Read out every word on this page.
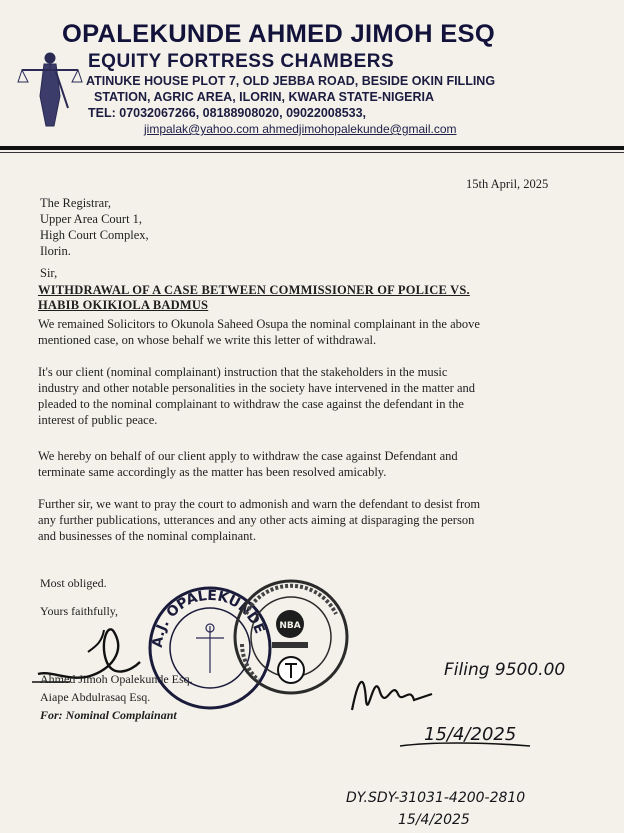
OPALEKUNDE AHMED JIMOH ESQ
EQUITY FORTRESS CHAMBERS
ATINUKE HOUSE PLOT 7, OLD JEBBA ROAD, BESIDE OKIN FILLING
STATION, AGRIC AREA, ILORIN, KWARA STATE-NIGERIA
TEL: 07032067266, 08188908020, 09022008533,
jimpalak@yahoo.com ahmedjimohopalekunde@gmail.com
15th April, 2025
The Registrar,
Upper Area Court 1,
High Court Complex,
Ilorin.
Sir,
WITHDRAWAL OF A CASE BETWEEN COMMISSIONER OF POLICE VS.
HABIB OKIKIOLA BADMUS
We remained Solicitors to Okunola Saheed Osupa the nominal complainant in the above
mentioned case, on whose behalf we write this letter of withdrawal.
It's our client (nominal complainant) instruction that the stakeholders in the music
industry and other notable personalities in the society have intervened in the matter and
pleaded to the nominal complainant to withdraw the case against the defendant in the
interest of public peace.
We hereby on behalf of our client apply to withdraw the case against Defendant and
terminate same accordingly as the matter has been resolved amicably.
Further sir, we want to pray the court to admonish and warn the defendant to desist from
any further publications, utterances and any other acts aiming at disparaging the person
and businesses of the nominal complainant.
Most obliged.
Yours faithfully,
Ahmed Jimoh Opalekunde Esq.
Aiape Abdulrasaq Esq.
For: Nominal Complainant
A.J. OPALEKUNDE NBA
Filing 9500.00
15/4/2025
DY.SDY-31031-4200-2810
15/4/2025
